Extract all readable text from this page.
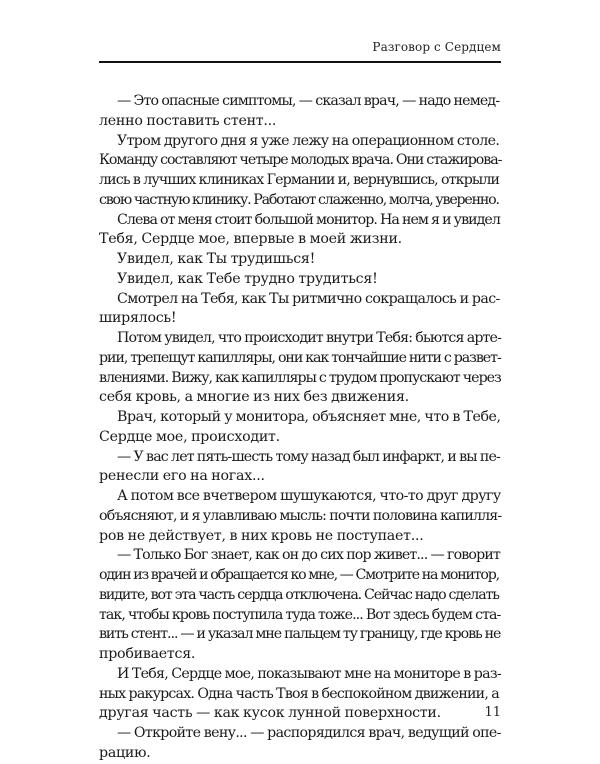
Разговор с Сердцем
— Это опасные симптомы, — сказал врач, — надо немед-
ленно поставить стент...
Утром другого дня я уже лежу на операционном столе.
Команду составляют четыре молодых врача. Они стажирова-
лись в лучших клиниках Германии и, вернувшись, открыли
свою частную клинику. Работают слаженно, молча, уверенно.
Слева от меня стоит большой монитор. На нем я и увидел
Тебя, Сердце мое, впервые в моей жизни.
Увидел, как Ты трудишься!
Увидел, как Тебе трудно трудиться!
Смотрел на Тебя, как Ты ритмично сокращалось и рас-
ширялось!
Потом увидел, что происходит внутри Тебя: бьются арте-
рии, трепещут капилляры, они как тончайшие нити с развет-
влениями. Вижу, как капилляры с трудом пропускают через
себя кровь, а многие из них без движения.
Врач, который у монитора, объясняет мне, что в Тебе,
Сердце мое, происходит.
— У вас лет пять-шесть тому назад был инфаркт, и вы пе-
ренесли его на ногах...
А потом все вчетвером шушукаются, что-то друг другу
объясняют, и я улавливаю мысль: почти половина капилля-
ров не действует, в них кровь не поступает...
— Только Бог знает, как он до сих пор живет... — говорит
один из врачей и обращается ко мне, — Смотрите на монитор,
видите, вот эта часть сердца отключена. Сейчас надо сделать
так, чтобы кровь поступила туда тоже... Вот здесь будем ста-
вить стент... — и указал мне пальцем ту границу, где кровь не
пробивается.
И Тебя, Сердце мое, показывают мне на мониторе в раз-
ных ракурсах. Одна часть Твоя в беспокойном движении, а
другая часть — как кусок лунной поверхности.
— Откройте вену... — распорядился врач, ведущий опе-
рацию.
11
